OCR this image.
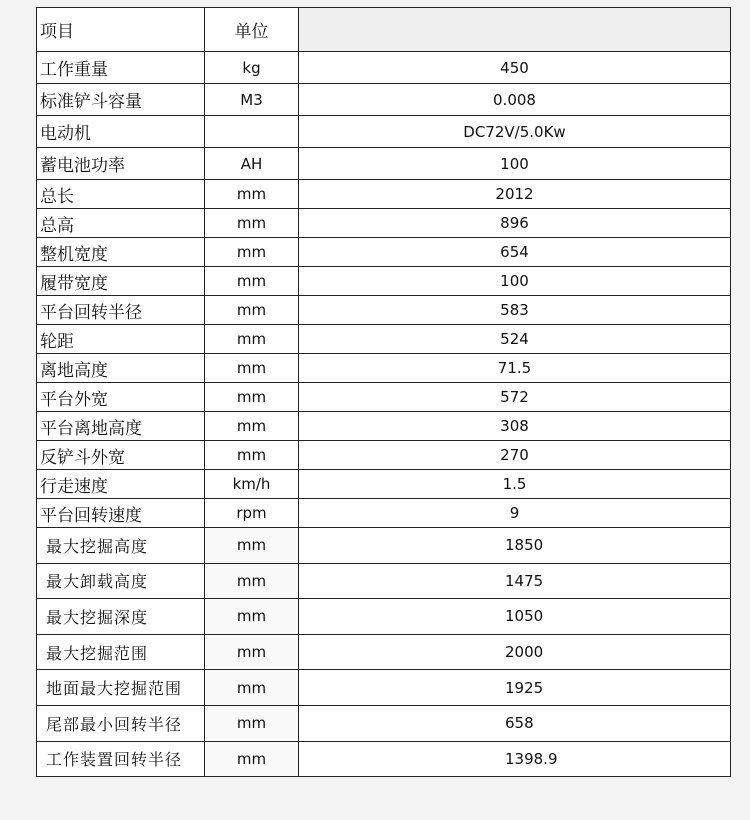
项目	单位	
工作重量	kg	450
标准铲斗容量	M3	0.008
电动机		DC72V/5.0Kw
蓄电池功率	AH	100
总长	mm	2012
总高	mm	896
整机宽度	mm	654
履带宽度	mm	100
平台回转半径	mm	583
轮距	mm	524
离地高度	mm	71.5
平台外宽	mm	572
平台离地高度	mm	308
反铲斗外宽	mm	270
行走速度	km/h	1.5
平台回转速度	rpm	9
最大挖掘高度	mm	1850
最大卸载高度	mm	1475
最大挖掘深度	mm	1050
最大挖掘范围	mm	2000
地面最大挖掘范围	mm	1925
尾部最小回转半径	mm	658
工作装置回转半径	mm	1398.9
